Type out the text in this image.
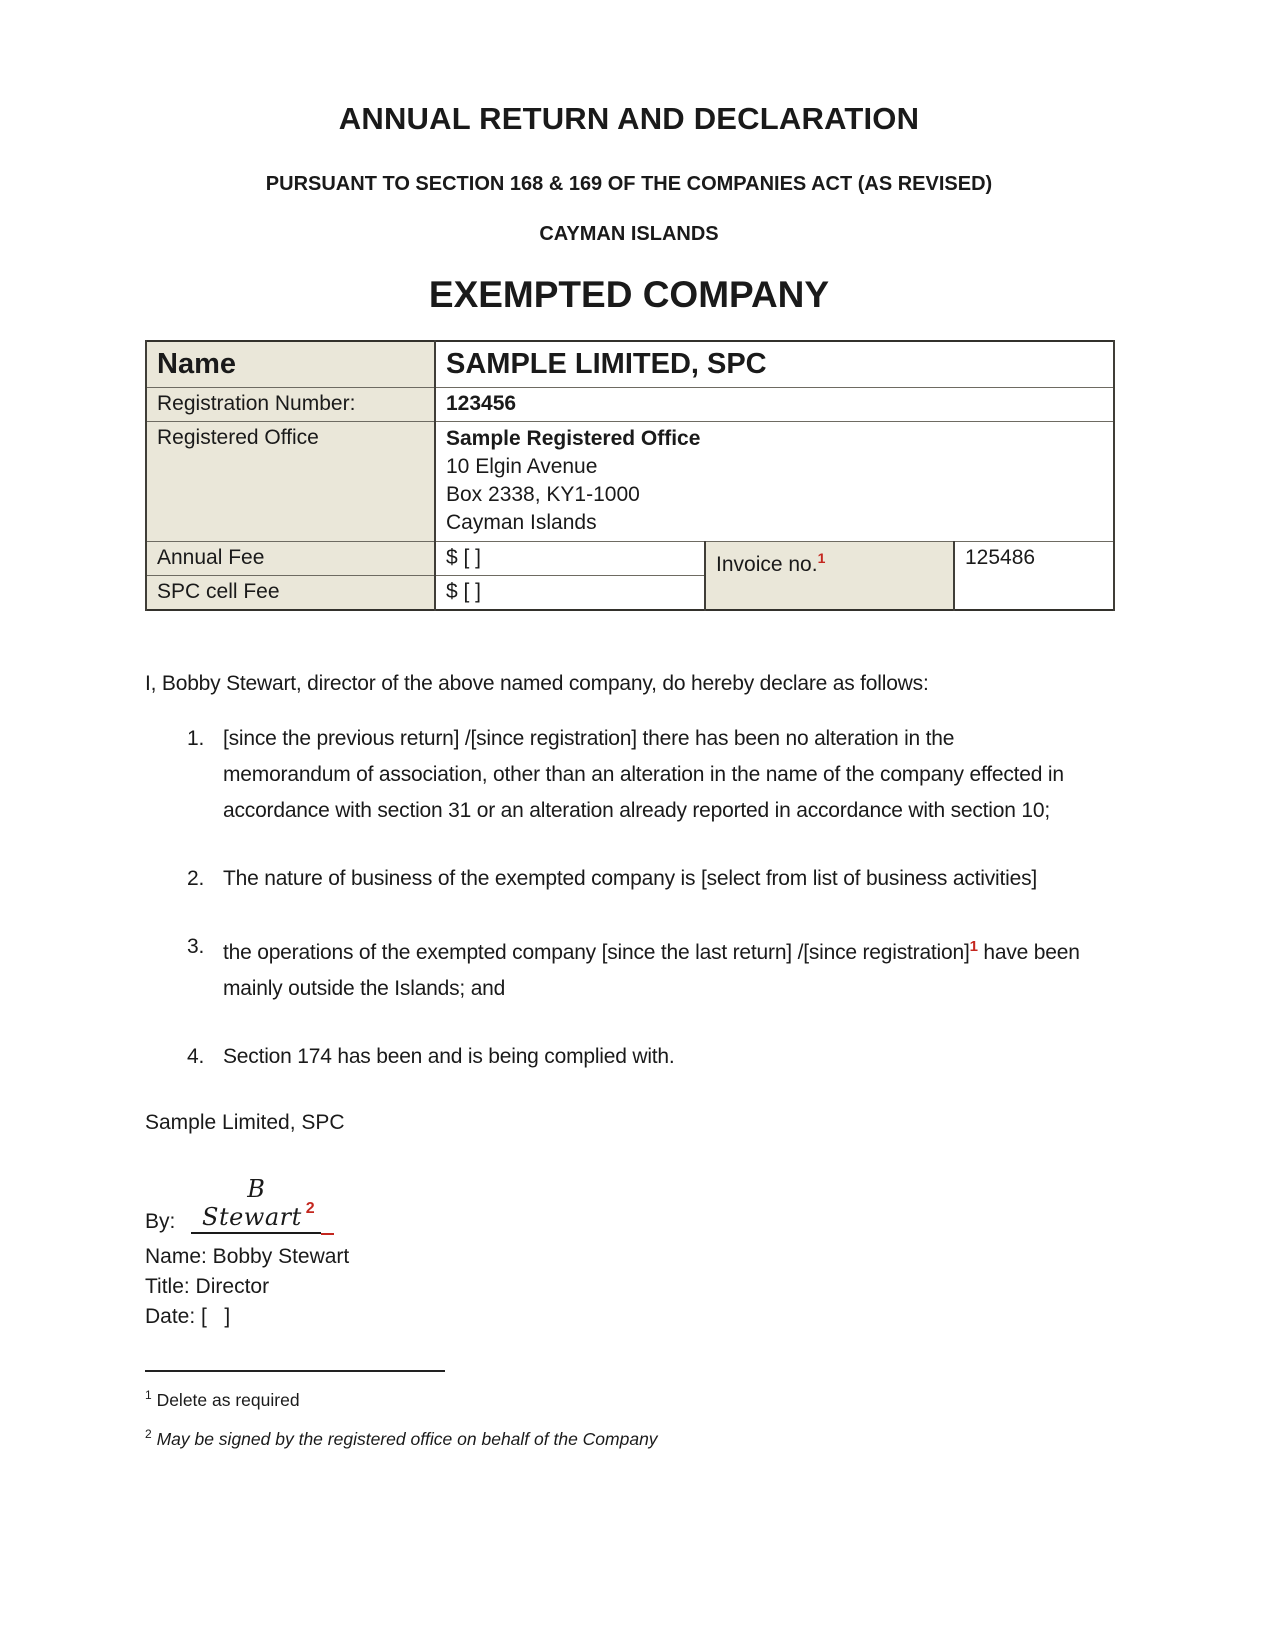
ANNUAL RETURN AND DECLARATION
PURSUANT TO SECTION 168 & 169 OF THE COMPANIES ACT (AS REVISED)
CAYMAN ISLANDS
EXEMPTED COMPANY
Name	SAMPLE LIMITED, SPC		
Registration Number:	123456		
Registered Office	Sample Registered Office
10 Elgin Avenue
Box 2338, KY1-1000
Cayman Islands		

Annual Fee	$ [ ]	Invoice no.$^1$	125486
SPC cell Fee	$ [ ]		
I, Bobby Stewart, director of the above named company, do hereby declare as follows:
1. [since the previous return] /[since registration] there has been no alteration in the memorandum of association, other than an alteration in the name of the company effected in accordance with section 31 or an alteration already reported in accordance with section 10;
2. The nature of business of the exempted company is [select from list of business activities]
3. the operations of the exempted company [since the last return] /[since registration]$^1$ have been mainly outside the Islands; and
4. Section 174 has been and is being complied with.
Sample Limited, SPC
By:B Stewart $^2$
Name: Bobby Stewart
Title: Director
Date: [   ]
$^1$ Delete as required
$^2$ May be signed by the registered office on behalf of the Company
